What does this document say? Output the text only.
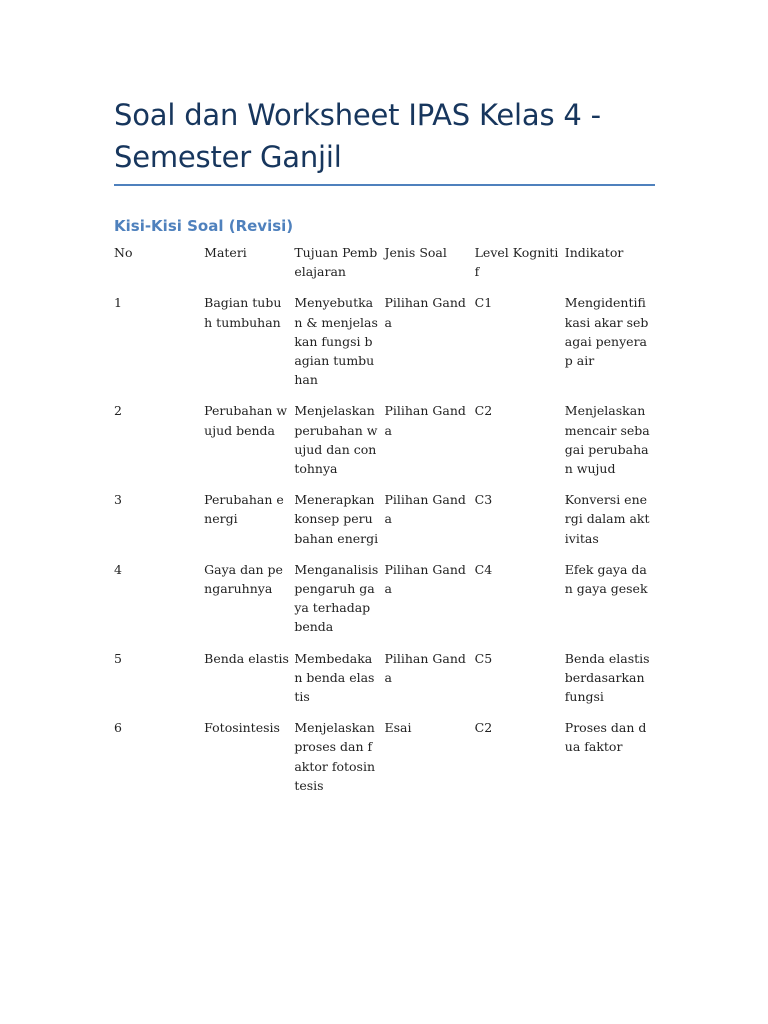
Soal dan Worksheet IPAS Kelas 4 - Semester Ganjil
Kisi-Kisi Soal (Revisi)
No	Materi	Tujuan Pembelajaran	Jenis Soal	Level Kognitif	Indikator
1	Bagian tubuh tumbuhan	Menyebutkan & menjelaskan fungsi bagian tumbuhan	Pilihan Ganda	C1	Mengidentifikasi akar sebagai penyerap air
2	Perubahan wujud benda	Menjelaskan perubahan wujud dan contohnya	Pilihan Ganda	C2	Menjelaskan mencair sebagai perubahan wujud
3	Perubahan energi	Menerapkan konsep perubahan energi	Pilihan Ganda	C3	Konversi energi dalam aktivitas
4	Gaya dan pengaruhnya	Menganalisis pengaruh gaya terhadap benda	Pilihan Ganda	C4	Efek gaya dan gaya gesek
5	Benda elastis	Membedakan benda elastis	Pilihan Ganda	C5	Benda elastis berdasarkan fungsi
6	Fotosintesis	Menjelaskan proses dan faktor fotosintesis	Esai	C2	Proses dan dua faktor
